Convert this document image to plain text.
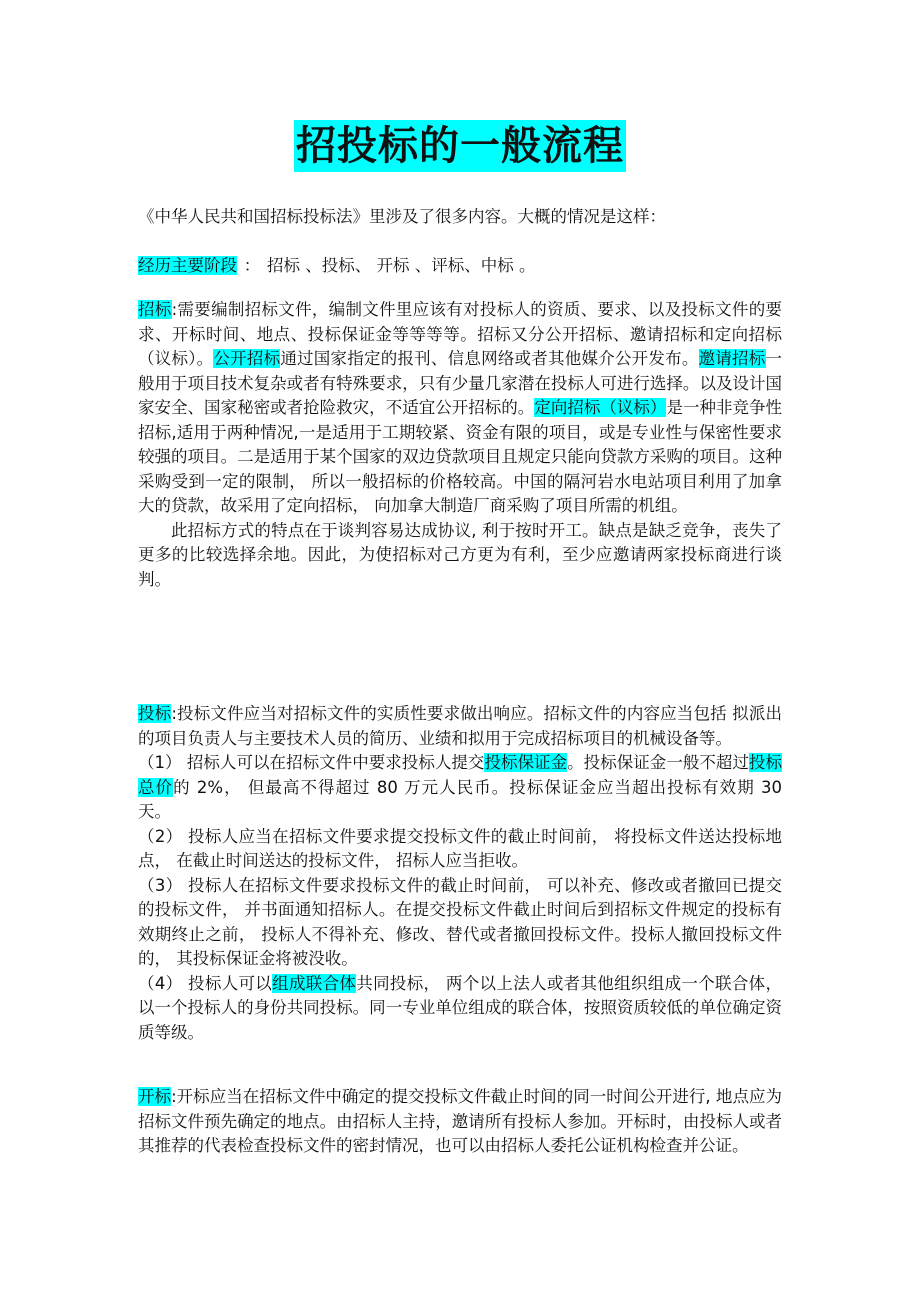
招投标的一般流程
《中华人民共和国招标投标法》里涉及了很多内容。大概的情况是这样：
经历主要阶段 ： 招标 、投标、 开标 、评标、中标 。

招标:需要编制招标文件，编制文件里应该有对投标人的资质、要求、以及投标文件的要求、开标时间、地点、投标保证金等等等等。招标又分公开招标、邀请招标和定向招标（议标）。公开招标通过国家指定的报刊、信息网络或者其他媒介公开发布。邀请招标一般用于项目技术复杂或者有特殊要求，只有少量几家潜在投标人可进行选择。以及设计国家安全、国家秘密或者抢险救灾，不适宜公开招标的。定向招标（议标）是一种非竞争性招标,适用于两种情况,一是适用于工期较紧、资金有限的项目，或是专业性与保密性要求较强的项目。二是适用于某个国家的双边贷款项目且规定只能向贷款方采购的项目。这种采购受到一定的限制， 所以一般招标的价格较高。中国的隔河岩水电站项目利用了加拿大的贷款，故采用了定向招标， 向加拿大制造厂商采购了项目所需的机组。

此招标方式的特点在于谈判容易达成协议, 利于按时开工。缺点是缺乏竞争，丧失了更多的比较选择余地。因此，为使招标对己方更为有利，至少应邀请两家投标商进行谈判。

投标:投标文件应当对招标文件的实质性要求做出响应。招标文件的内容应当包括 拟派出的项目负责人与主要技术人员的简历、业绩和拟用于完成招标项目的机械设备等。

（1） 招标人可以在招标文件中要求投标人提交投标保证金。投标保证金一般不超过投标总价的 2%， 但最高不得超过 80 万元人民币。投标保证金应当超出投标有效期 30 天。

（2） 投标人应当在招标文件要求提交投标文件的截止时间前， 将投标文件送达投标地点， 在截止时间送达的投标文件， 招标人应当拒收。

（3） 投标人在招标文件要求投标文件的截止时间前， 可以补充、修改或者撤回已提交的投标文件， 并书面通知招标人。在提交投标文件截止时间后到招标文件规定的投标有效期终止之前， 投标人不得补充、修改、替代或者撤回投标文件。投标人撤回投标文件的， 其投标保证金将被没收。

（4） 投标人可以组成联合体共同投标， 两个以上法人或者其他组织组成一个联合体， 以一个投标人的身份共同投标。同一专业单位组成的联合体，按照资质较低的单位确定资质等级。

开标:开标应当在招标文件中确定的提交投标文件截止时间的同一时间公开进行, 地点应为招标文件预先确定的地点。由招标人主持，邀请所有投标人参加。开标时，由投标人或者其推荐的代表检查投标文件的密封情况，也可以由招标人委托公证机构检查并公证。
